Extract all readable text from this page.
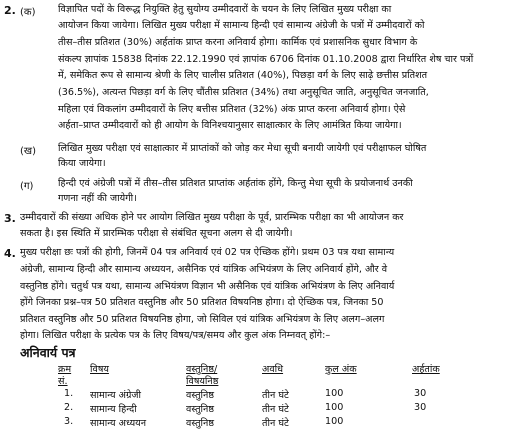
2. (क) विज्ञापित पदों के विरूद्ध नियुक्ति हेतु सुयोग्य उम्मीदवारों के चयन के लिए लिखित मुख्य परीक्षा का
आयोजन किया जायेगा। लिखित मुख्य परीक्षा में सामान्य हिन्दी एवं सामान्य अंग्रेजी के पत्रों में उम्मीदवारों को
तीस–तीस प्रतिशत (30%) अर्हतांक प्राप्त करना अनिवार्य होगा। कार्मिक एवं प्रशासनिक सुधार विभाग के
संकल्प ज्ञापांक 15838 दिनांक 22.12.1990 एवं ज्ञापांक 6706 दिनांक 01.10.2008 द्वारा निर्धारित शेष चार पत्रों
में, समेकित रूप से सामान्य श्रेणी के लिए चालीस प्रतिशत (40%), पिछड़ा वर्ग के लिए साढ़े छत्तीस प्रतिशत
(36.5%), अत्यन्त पिछड़ा वर्ग के लिए चौंतीस प्रतिशत (34%) तथा अनुसूचित जाति, अनुसूचित जनजाति,
महिला एवं विकलांग उम्मीदवारों के लिए बत्तीस प्रतिशत (32%) अंक प्राप्त करना अनिवार्य होगा। ऐसे
अर्हता–प्राप्त उम्मीदवारों को ही आयोग के विनिश्चयानुसार साक्षात्कार के लिए आमंत्रित किया जायेगा।
(ख) लिखित मुख्य परीक्षा एवं साक्षात्कार में प्राप्तांकों को जोड़ कर मेधा सूची बनायी जायेगी एवं परीक्षाफल घोषित
किया जायेगा।
(ग)	हिन्दी एवं अंग्रेजी पत्रों में तीस–तीस प्रतिशत प्राप्तांक अर्हतांक होंगे, किन्तु मेधा सूची के प्रयोजनार्थ उनकी
गणना नहीं की जायेगी।
3. उम्मीदवारों की संख्या अधिक होने पर आयोग लिखित मुख्य परीक्षा के पूर्व, प्रारम्भिक परीक्षा का भी आयोजन कर
सकता है। इस स्थिति में प्रारम्भिक परीक्षा से संबंधित सूचना अलग से दी जायेगी।
4. मुख्य परीक्षा छः पत्रों की होगी, जिनमें 04 पत्र अनिवार्य एवं 02 पत्र ऐच्छिक होंगे। प्रथम 03 पत्र यथा सामान्य
अंग्रेजी, सामान्य हिन्दी और सामान्य अध्ययन, असैनिक एवं यांत्रिक अभियंत्रण के लिए अनिवार्य होंगे, और वे
वस्तुनिष्ठ होंगे। चतुर्थ पत्र यथा, सामान्य अभियंत्रण विज्ञान भी असैनिक एवं यांत्रिक अभियंत्रण के लिए अनिवार्य
होंगे जिनका प्रश्न–पत्र 50 प्रतिशत वस्तुनिष्ठ और 50 प्रतिशत विषयनिष्ठ होगा। दो ऐच्छिक पत्र, जिनका 50
प्रतिशत वस्तुनिष्ठ और 50 प्रतिशत विषयनिष्ठ होगा, जो सिविल एवं यांत्रिक अभियंत्रण के लिए अलग–अलग
होगा। लिखित परीक्षा के प्रत्येक पत्र के लिए विषय/पत्र/समय और कुल अंक निम्नवत् होंगे:–
अनिवार्य पत्र
क्रम
सं.
विषय	वस्तुनिष्ठ/
विषयनिष्ठ
अवधि	कुल अंक	अर्हतांक
1. सामान्य अंग्रेजी	वस्तुनिष्ठ	तीन घंटे	100	30
2. सामान्य हिन्दी	वस्तुनिष्ठ	तीन घंटे	100	30
3. सामान्य अध्ययन	वस्तुनिष्ठ	तीन घंटे	100
